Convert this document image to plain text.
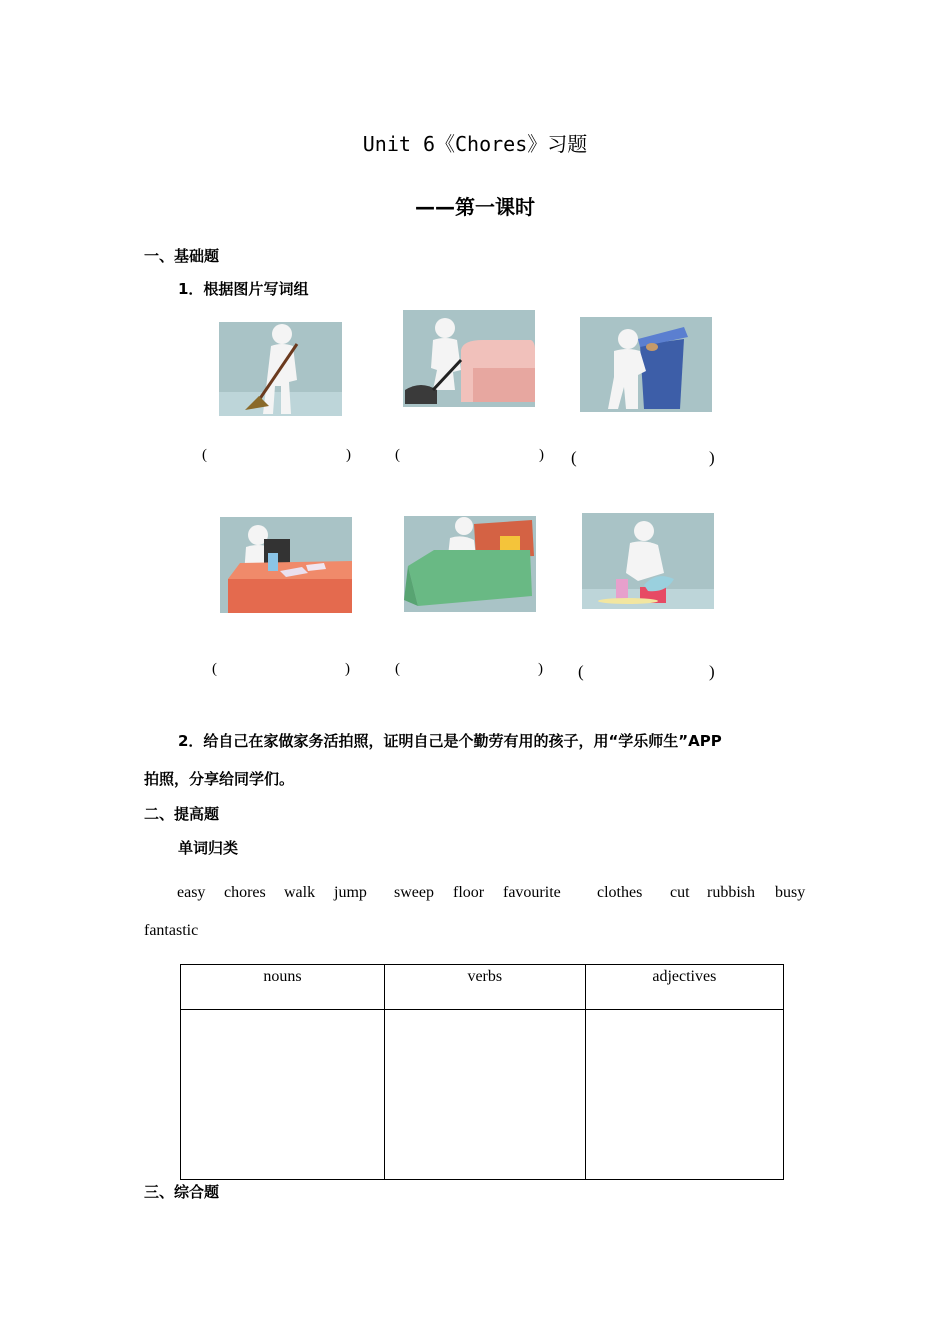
Unit 6《Chores》习题
——第一课时
一、基础题
1．根据图片写词组
(	)	(	) (	)
(	)	(	) (	)
2．给自己在家做家务活拍照，证明自己是个勤劳有用的孩子，用“学乐师生”APP
拍照，分享给同学们。
二、提高题
单词归类
easy chores walk jump sweep floor favourite clothes cut rubbish busy
fantastic
nouns	verbs	adjectives

三、综合题
